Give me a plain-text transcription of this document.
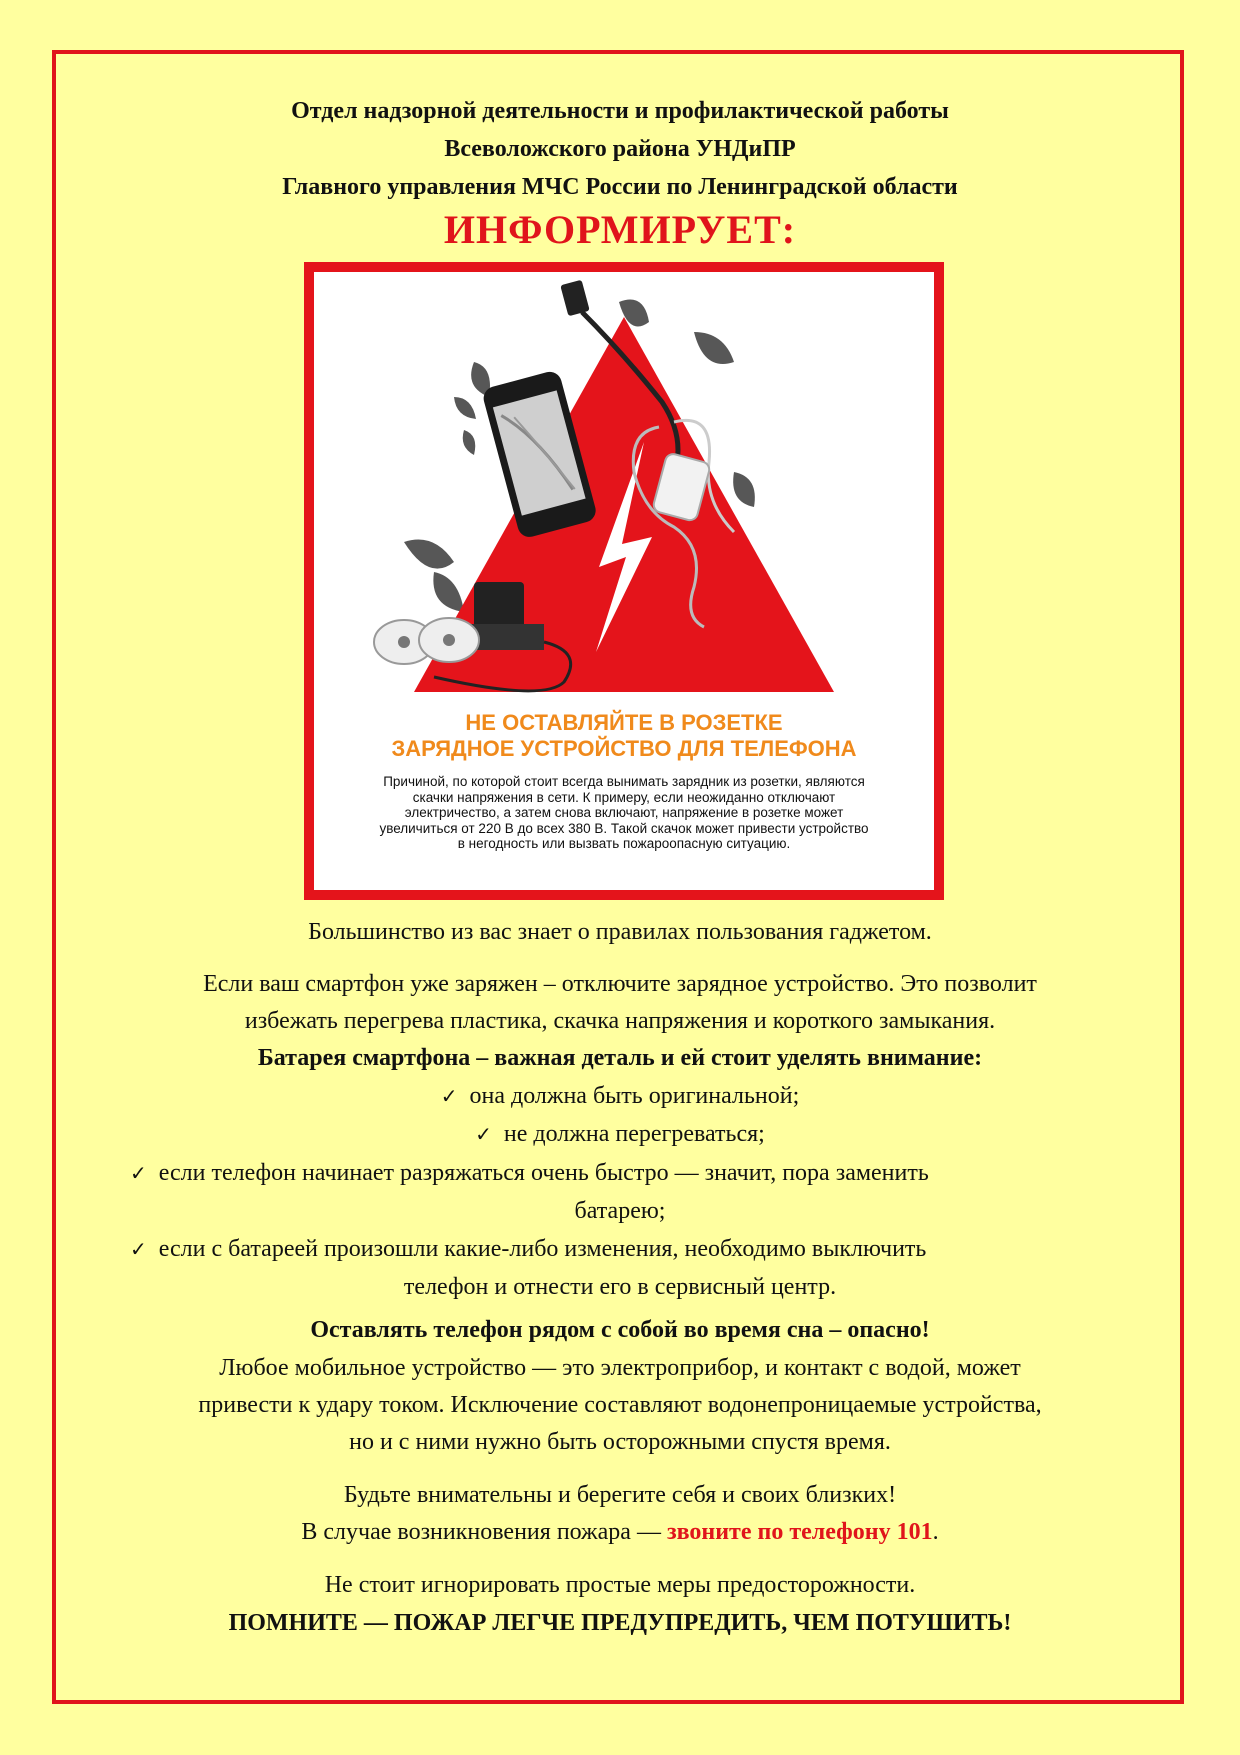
Отдел надзорной деятельности и профилактической работы
Всеволожского района УНДиПР
Главного управления МЧС России по Ленинградской области
ИНФОРМИРУЕТ:
НЕ ОСТАВЛЯЙТЕ В РОЗЕТКЕ
ЗАРЯДНОЕ УСТРОЙСТВО ДЛЯ ТЕЛЕФОНА
Причиной, по которой стоит всегда вынимать зарядник из розетки, являются
скачки напряжения в сети. К примеру, если неожиданно отключают
электричество, а затем снова включают, напряжение в розетке может
увеличиться от 220 В до всех 380 В. Такой скачок может привести устройство
в негодность или вызвать пожароопасную ситуацию.
Большинство из вас знает о правилах пользования гаджетом.
Если ваш смартфон уже заряжен – отключите зарядное устройство. Это позволит
избежать перегрева пластика, скачка напряжения и короткого замыкания.
Батарея смартфона – важная деталь и ей стоит уделять внимание:
✓ она должна быть оригинальной;
✓ не должна перегреваться;
✓ если телефон начинает разряжаться очень быстро — значит, пора заменить
батарею;
✓ если с батареей произошли какие-либо изменения, необходимо выключить
телефон и отнести его в сервисный центр.
Оставлять телефон рядом с собой во время сна – опасно!
Любое мобильное устройство — это электроприбор, и контакт с водой, может
привести к удару током. Исключение составляют водонепроницаемые устройства,
но и с ними нужно быть осторожными спустя время.
Будьте внимательны и берегите себя и своих близких!
В случае возникновения пожара — звоните по телефону 101.
Не стоит игнорировать простые меры предосторожности.
ПОМНИТЕ — ПОЖАР ЛЕГЧЕ ПРЕДУПРЕДИТЬ, ЧЕМ ПОТУШИТЬ!
